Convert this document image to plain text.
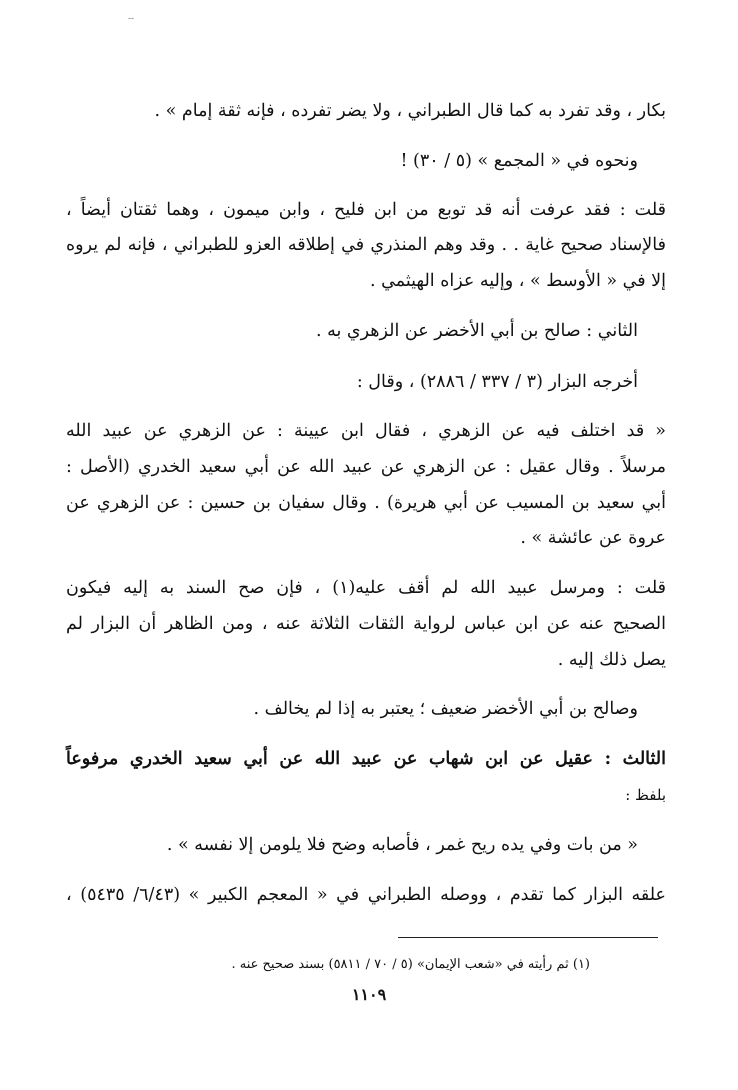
--
بكار ، وقد تفرد به كما قال الطبراني ، ولا يضر تفرده ، فإنه ثقة إمام » .
ونحوه في « المجمع » (٥ / ٣٠) !
قلت : فقد عرفت أنه قد توبع من ابن فليح ، وابن ميمون ، وهما ثقتان أيضاً ،
فالإسناد صحيح غاية . . وقد وهم المنذري في إطلاقه العزو للطبراني ، فإنه لم يروه
إلا في « الأوسط » ، وإليه عزاه الهيثمي .
الثاني : صالح بن أبي الأخضر عن الزهري به .
أخرجه البزار (٣ / ٣٣٧ / ٢٨٨٦) ، وقال :
« قد اختلف فيه عن الزهري ، فقال ابن عيينة : عن الزهري عن عبيد الله
مرسلاً . وقال عقيل : عن الزهري عن عبيد الله عن أبي سعيد الخدري (الأصل :
أبي سعيد بن المسيب عن أبي هريرة) . وقال سفيان بن حسين : عن الزهري عن
عروة عن عائشة » .
قلت : ومرسل عبيد الله لم أقف عليه(١) ، فإن صح السند به إليه فيكون
الصحيح عنه عن ابن عباس لرواية الثقات الثلاثة عنه ، ومن الظاهر أن البزار لم
يصل ذلك إليه .
وصالح بن أبي الأخضر ضعيف ؛ يعتبر به إذا لم يخالف .
الثالث : عقيل عن ابن شهاب عن عبيد الله عن أبي سعيد الخدري مرفوعاً
بلفظ :
« من بات وفي يده ريح غمر ، فأصابه وضح فلا يلومن إلا نفسه » .
علقه البزار كما تقدم ، ووصله الطبراني في « المعجم الكبير » (٦/٤٣/ ٥٤٣٥) ،
(١) ثم رأيته في «شعب الإيمان» (٥ / ٧٠ / ٥٨١١) بسند صحيح عنه .
١١٠٩
